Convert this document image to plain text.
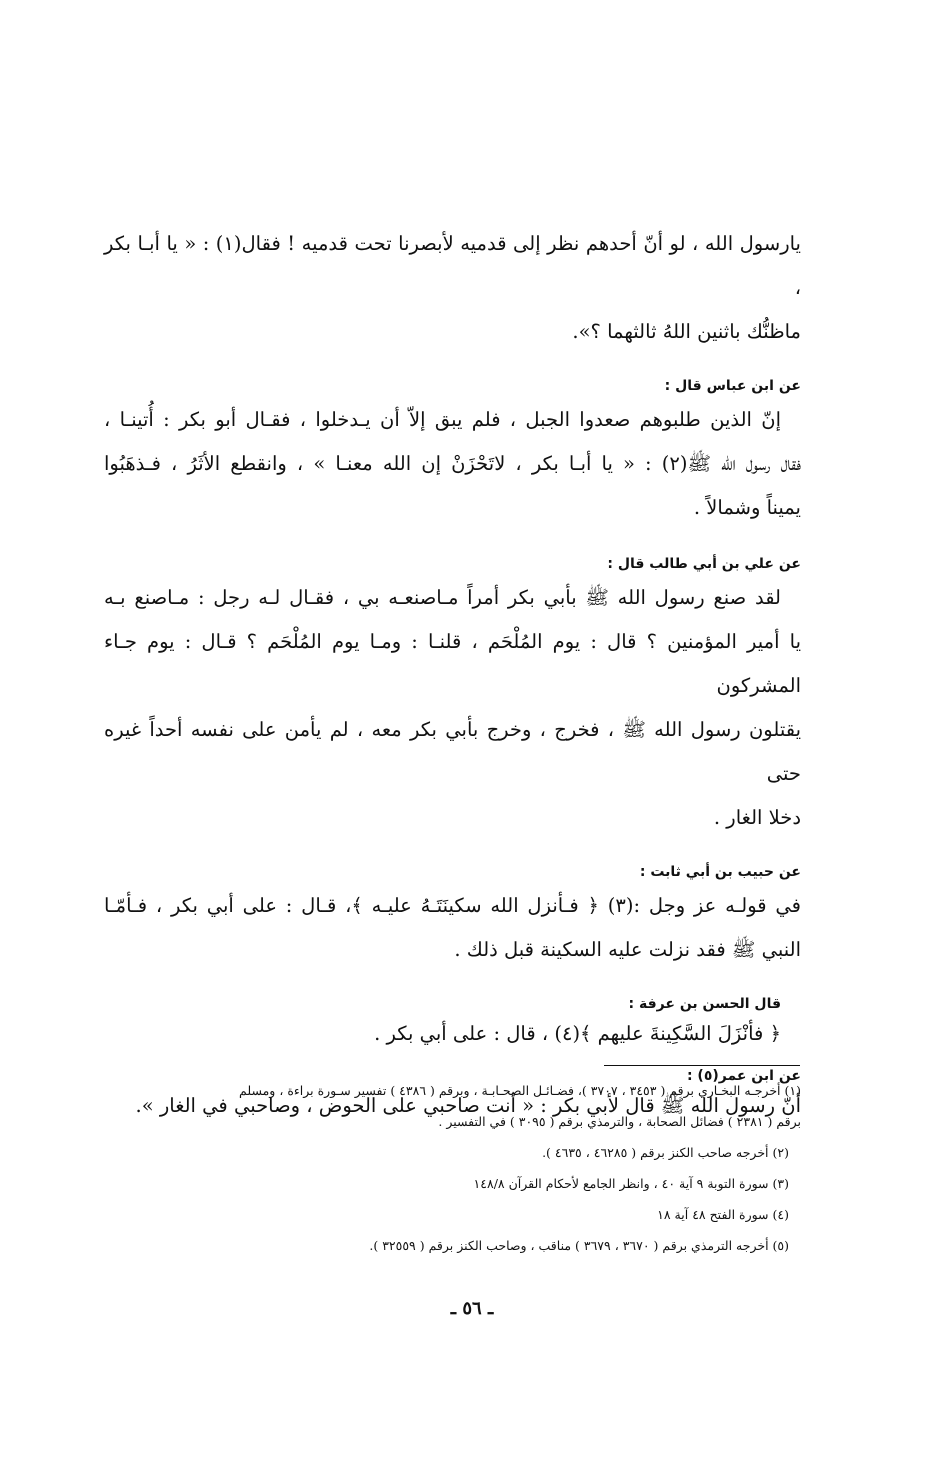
يارسول الله ، لو أنّ أحدهم نظر إلى قدميه لأبصرنا تحت قدميه ! فقال(١) : « يا أبـا بكر ،
ماظنُّك باثنين اللهُ ثالثهما ؟».

عن ابن عباس قال :

إنّ الذين طلبوهم صعدوا الجبل ، فلم يبق إلاّ أن يـدخلوا ، فقـال أبو بكر : أُتينـا ،
فقال رسول الله ﷺ(٢) : « يا أبـا بكر ، لاتَحْزَنْ إن الله معنـا » ، وانقطع الأثَرُ ، فـذهَبُوا
يميناً وشمالاً .

عن علي بن أبي طالب قال :

لقد صنع رسول الله ﷺ بأبي بكر أمراً مـاصنعـه بي ، فقـال لـه رجل : مـاصنع بـه
يا أمير المؤمنين ؟ قال : يوم المُلْحَم ، قلنـا : ومـا يوم المُلْحَم ؟ قـال : يوم جـاء المشركون
يقتلون رسول الله ﷺ ، فخرج ، وخرج بأبي بكر معه ، لم يأمن على نفسه أحداً غيره حتى
دخلا الغار .

عن حبيب بن أبي ثابت :

في قولـه عز وجل :(٣) ﴿ فـأنزل الله سكينَتَـهُ عليـه ﴾، قـال : على أبي بكر ، فـأمّـا
النبي ﷺ فقد نزلت عليه السكينة قبل ذلك .

قال الحسن بن عرفة :

﴿ فأنْزَلَ السَّكِينةَ عليهم ﴾(٤) ، قال : على أبي بكر .

عن ابن عمر(٥) :

أنّ رسول الله ﷺ قال لأبي بكر : « أنت صاحبي على الحوض ، وصاحبي في الغار ».

(١) أخرجـه البخـاري برقم ( ٣٤٥٣ ، ٣٧٠٧ )، فضـائـل الصحـابـة ، وبرقم ( ٤٣٨٦ ) تفسير سـورة براءة ، ومسلم

برقم ( ٢٣٨١ ) فضائل الصحابة ، والترمذي برقم ( ٣٠٩٥ ) في التفسير .

(٢) أخرجه صاحب الكنز برقم ( ٤٦٢٨٥ ، ٤٦٣٥ ).

(٣) سورة التوبة ٩ آية ٤٠ ، وانظر الجامع لأحكام القرآن ١٤٨/٨

(٤) سورة الفتح ٤٨ آية ١٨

(٥) أخرجه الترمذي برقم ( ٣٦٧٠ ، ٣٦٧٩ ) مناقب ، وصاحب الكنز برقم ( ٣٢٥٥٩ ).

ـ ٥٦ ـ
